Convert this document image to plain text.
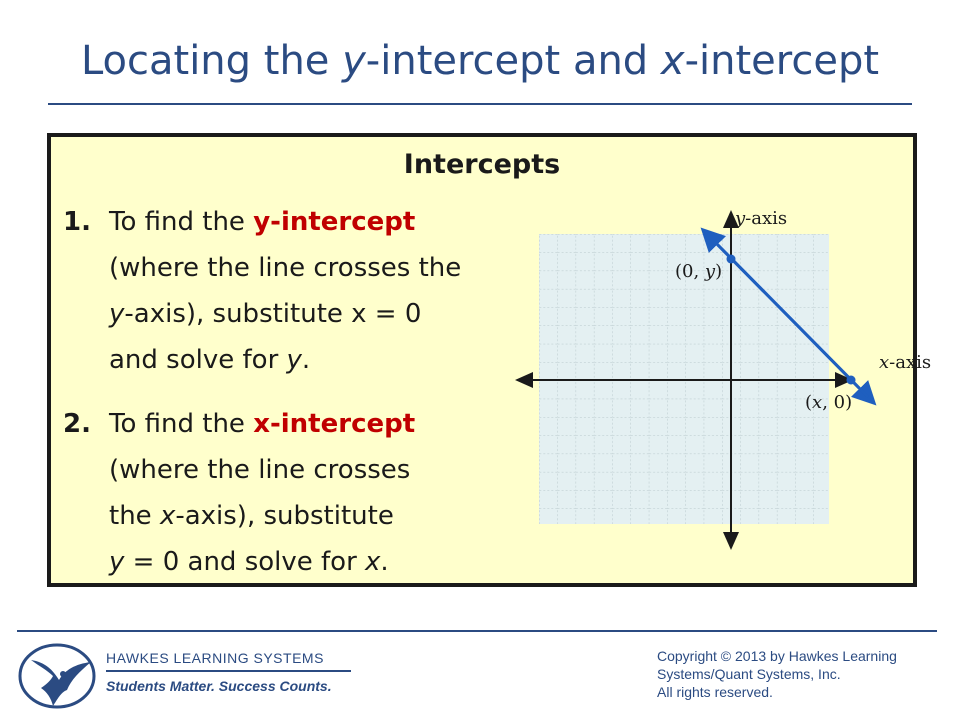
Locating the y-intercept and x-intercept
Intercepts
1. To find the y-intercept
(where the line crosses the
y-axis), substitute x = 0
and solve for y.
2. To find the x-intercept
(where the line crosses
the x-axis), substitute
y = 0 and solve for x.
y-axis
x-axis
(0, y)
(x, 0)
HAWKES LEARNING SYSTEMS
Students Matter. Success Counts.
Copyright © 2013 by Hawkes Learning
Systems/Quant Systems, Inc.
All rights reserved.
